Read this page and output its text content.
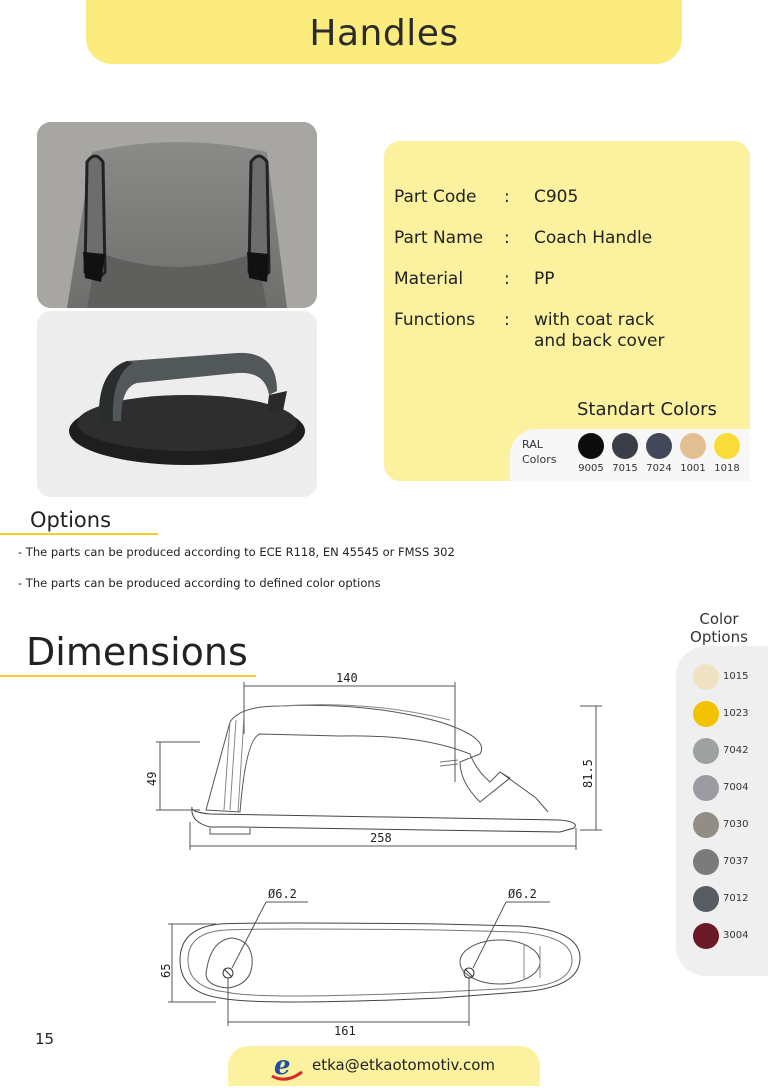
Handles
Part Code	: C905
Part Name	: Coach Handle
Material	: PP
Functions	: with coat rack and back cover
Standart Colors
RAL
Colors
9005 7015 7024 1001 1018
Options
- The parts can be produced according to ECE R118, EN 45545 or FMSS 302
- The parts can be produced according to defined color options
Dimensions
140
49	81.5
258
Ø6.2	Ø6.2
65
161
Color
Options
1015
1023
7042
7004
7030
7037
7012
3004
15
e etka@etkaotomotiv.com
